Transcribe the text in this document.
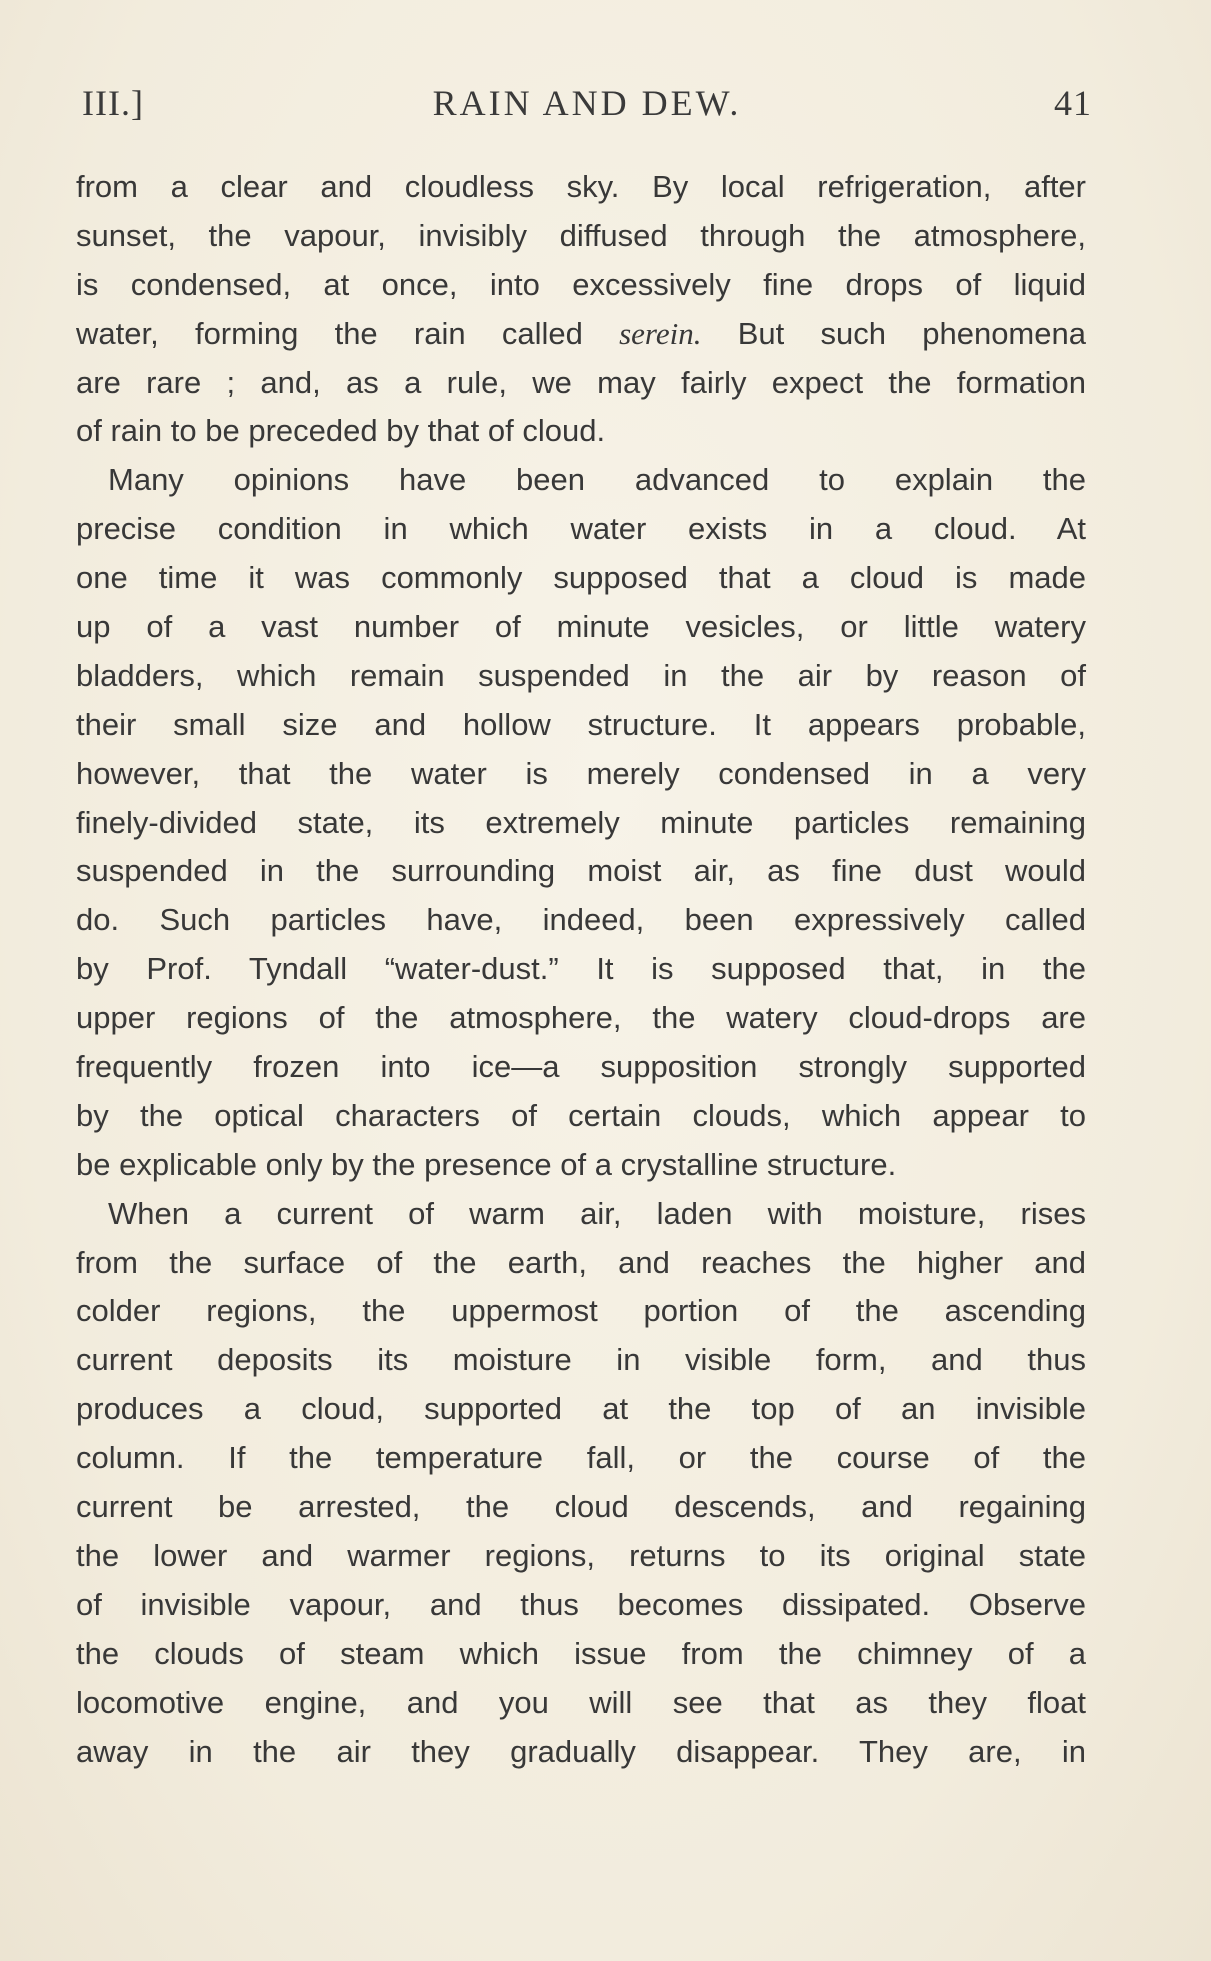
III.]	RAIN AND DEW.	41
from a clear and cloudless sky. By local refrigeration, after
sunset, the vapour, invisibly diffused through the atmosphere,
is condensed, at once, into excessively fine drops of liquid
water, forming the rain called serein. But such phenomena
are rare ; and, as a rule, we may fairly expect the formation
of rain to be preceded by that of cloud.
Many opinions have been advanced to explain the
precise condition in which water exists in a cloud. At
one time it was commonly supposed that a cloud is made
up of a vast number of minute vesicles, or little watery
bladders, which remain suspended in the air by reason of
their small size and hollow structure. It appears probable,
however, that the water is merely condensed in a very
finely-divided state, its extremely minute particles remaining
suspended in the surrounding moist air, as fine dust would
do. Such particles have, indeed, been expressively called
by Prof. Tyndall “water-dust.” It is supposed that, in the
upper regions of the atmosphere, the watery cloud-drops are
frequently frozen into ice—a supposition strongly supported
by the optical characters of certain clouds, which appear to
be explicable only by the presence of a crystalline structure.
When a current of warm air, laden with moisture, rises
from the surface of the earth, and reaches the higher and
colder regions, the uppermost portion of the ascending
current deposits its moisture in visible form, and thus
produces a cloud, supported at the top of an invisible
column. If the temperature fall, or the course of the
current be arrested, the cloud descends, and regaining
the lower and warmer regions, returns to its original state
of invisible vapour, and thus becomes dissipated. Observe
the clouds of steam which issue from the chimney of a
locomotive engine, and you will see that as they float
away in the air they gradually disappear. They are, in
